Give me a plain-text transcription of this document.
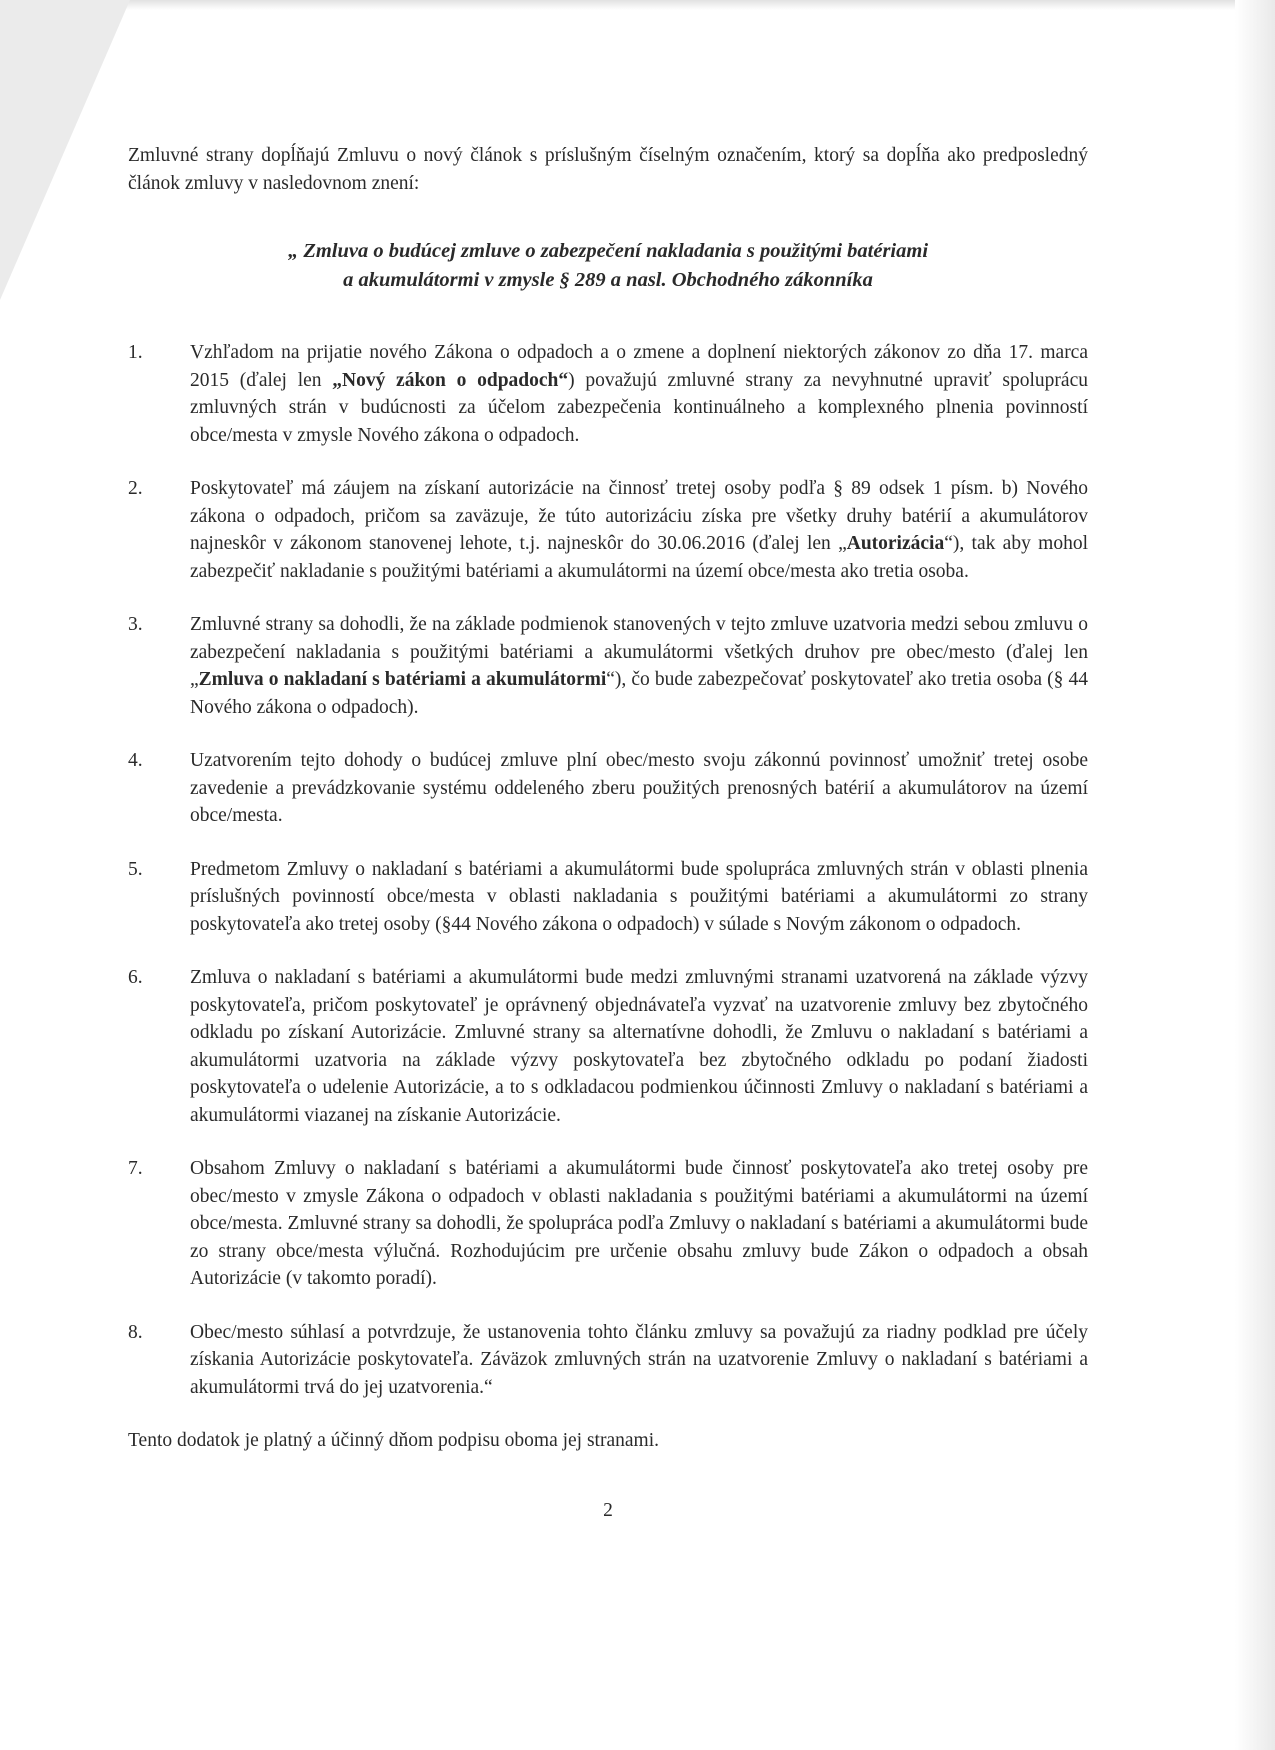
Zmluvné strany dopĺňajú Zmluvu o nový článok s príslušným číselným označením, ktorý sa dopĺňa ako predposledný článok zmluvy v nasledovnom znení:

„ Zmluva o budúcej zmluve o zabezpečení nakladania s použitými batériami
a akumulátormi v zmysle § 289 a nasl. Obchodného zákonníka
1.	Vzhľadom na prijatie nového Zákona o odpadoch a o zmene a doplnení niektorých zákonov zo dňa 17. marca 2015 (ďalej len „Nový zákon o odpadoch“) považujú zmluvné strany za nevyhnutné upraviť spoluprácu zmluvných strán v budúcnosti za účelom zabezpečenia kontinuálneho a komplexného plnenia povinností obce/mesta v zmysle Nového zákona o odpadoch.
2.	Poskytovateľ má záujem na získaní autorizácie na činnosť tretej osoby podľa § 89 odsek 1 písm. b) Nového zákona o odpadoch, pričom sa zaväzuje, že túto autorizáciu získa pre všetky druhy batérií a akumulátorov najneskôr v zákonom stanovenej lehote, t.j. najneskôr do 30.06.2016 (ďalej len „Autorizácia“), tak aby mohol zabezpečiť nakladanie s použitými batériami a akumulátormi na území obce/mesta ako tretia osoba.
3.	Zmluvné strany sa dohodli, že na základe podmienok stanovených v tejto zmluve uzatvoria medzi sebou zmluvu o zabezpečení nakladania s použitými batériami a akumulátormi všetkých druhov pre obec/mesto (ďalej len „Zmluva o nakladaní s batériami a akumulátormi“), čo bude zabezpečovať poskytovateľ ako tretia osoba (§ 44 Nového zákona o odpadoch).
4.	Uzatvorením tejto dohody o budúcej zmluve plní obec/mesto svoju zákonnú povinnosť umožniť tretej osobe zavedenie a prevádzkovanie systému oddeleného zberu použitých prenosných batérií a akumulátorov na území obce/mesta.
5.	Predmetom Zmluvy o nakladaní s batériami a akumulátormi bude spolupráca zmluvných strán v oblasti plnenia príslušných povinností obce/mesta v oblasti nakladania s použitými batériami a akumulátormi zo strany poskytovateľa ako tretej osoby (§44 Nového zákona o odpadoch) v súlade s Novým zákonom o odpadoch.
6.	Zmluva o nakladaní s batériami a akumulátormi bude medzi zmluvnými stranami uzatvorená na základe výzvy poskytovateľa, pričom poskytovateľ je oprávnený objednávateľa vyzvať na uzatvorenie zmluvy bez zbytočného odkladu po získaní Autorizácie. Zmluvné strany sa alternatívne dohodli, že Zmluvu o nakladaní s batériami a akumulátormi uzatvoria na základe výzvy poskytovateľa bez zbytočného odkladu po podaní žiadosti poskytovateľa o udelenie Autorizácie, a to s odkladacou podmienkou účinnosti Zmluvy o nakladaní s batériami a akumulátormi viazanej na získanie Autorizácie.
7.	Obsahom Zmluvy o nakladaní s batériami a akumulátormi bude činnosť poskytovateľa ako tretej osoby pre obec/mesto v zmysle Zákona o odpadoch v oblasti nakladania s použitými batériami a akumulátormi na území obce/mesta. Zmluvné strany sa dohodli, že spolupráca podľa Zmluvy o nakladaní s batériami a akumulátormi bude zo strany obce/mesta výlučná. Rozhodujúcim pre určenie obsahu zmluvy bude Zákon o odpadoch a obsah Autorizácie (v takomto poradí).
8.	Obec/mesto súhlasí a potvrdzuje, že ustanovenia tohto článku zmluvy sa považujú za riadny podklad pre účely získania Autorizácie poskytovateľa. Záväzok zmluvných strán na uzatvorenie Zmluvy o nakladaní s batériami a akumulátormi trvá do jej uzatvorenia.“

Tento dodatok je platný a účinný dňom podpisu oboma jej stranami.

2
